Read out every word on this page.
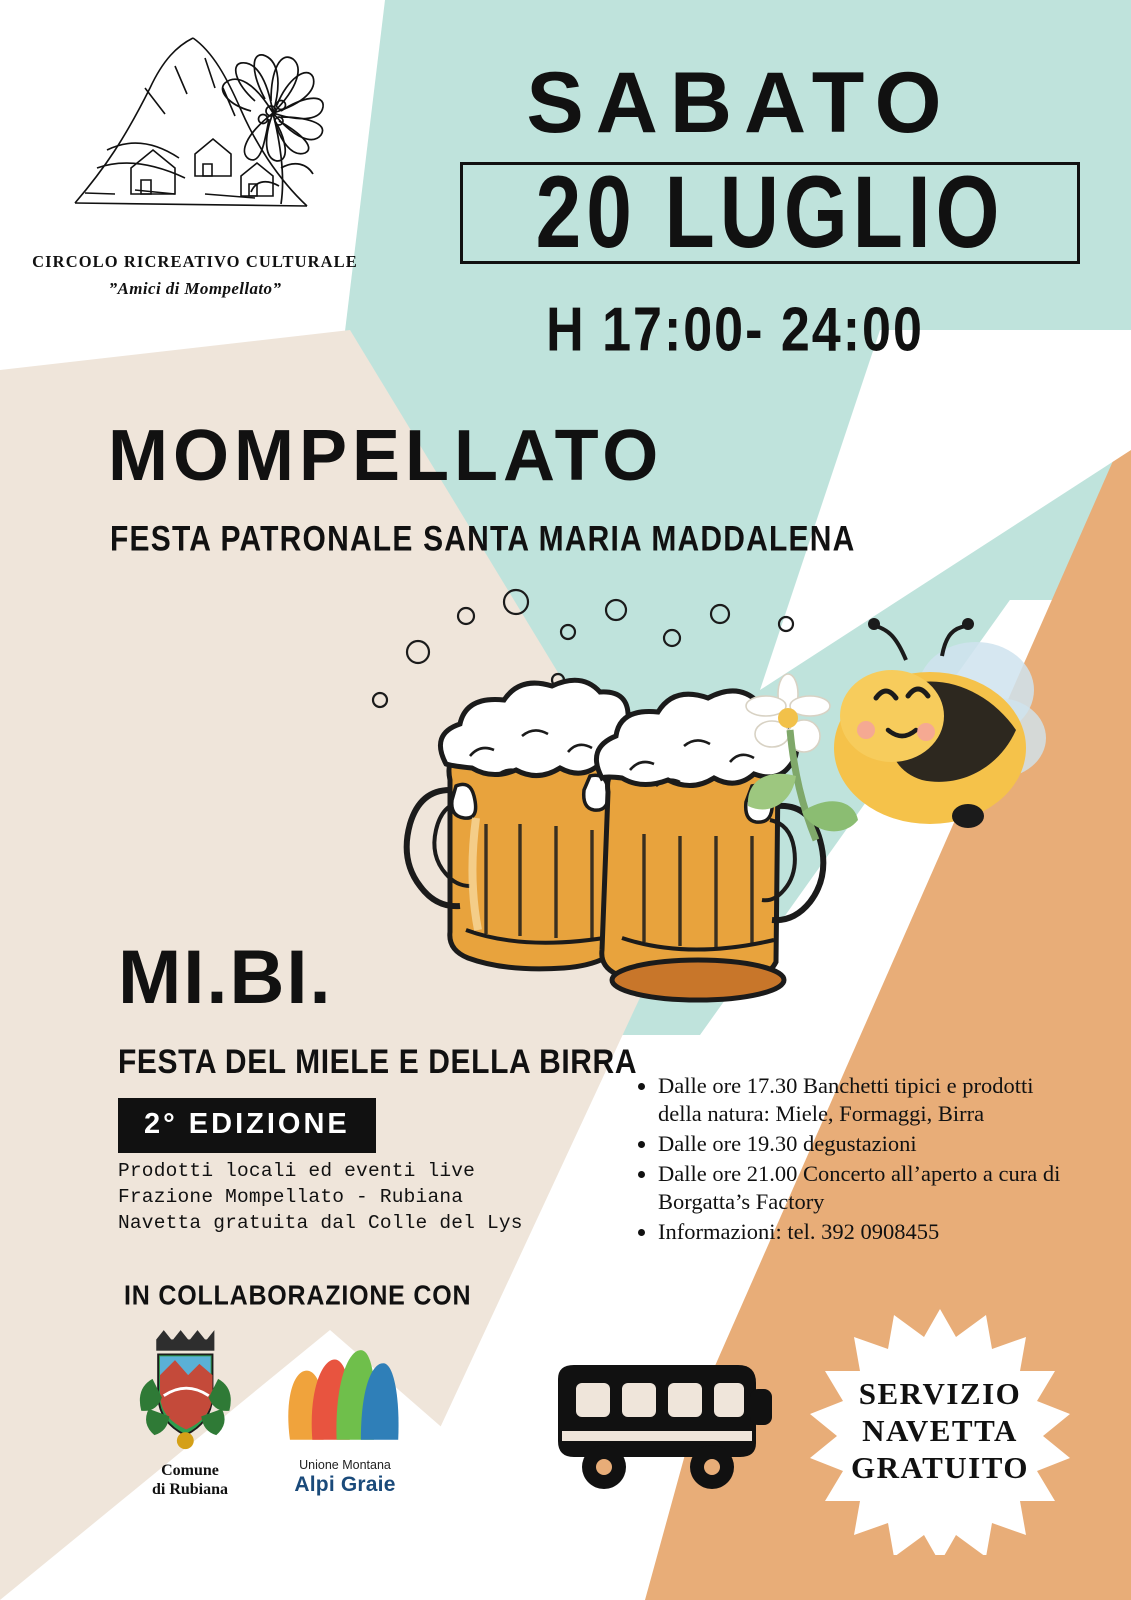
CIRCOLO RICREATIVO CULTURALE
”Amici di Mompellato”
SABATO
20 LUGLIO
H 17:00- 24:00
MOMPELLATO
FESTA PATRONALE SANTA MARIA MADDALENA
MI.BI.
FESTA DEL MIELE E DELLA BIRRA
2° EDIZIONE
Prodotti locali ed eventi live
Frazione Mompellato - Rubiana
Navetta gratuita dal Colle del Lys
IN COLLABORAZIONE CON
Comune
di Rubiana
Unione Montana
Alpi Graie
• Dalle ore 17.30 Banchetti tipici e prodotti della natura: Miele, Formaggi, Birra
• Dalle ore 19.30 degustazioni
• Dalle ore 21.00 Concerto all’aperto a cura di Borgatta’s Factory
• Informazioni: tel. 392 0908455
SERVIZIO
NAVETTA
GRATUITO
